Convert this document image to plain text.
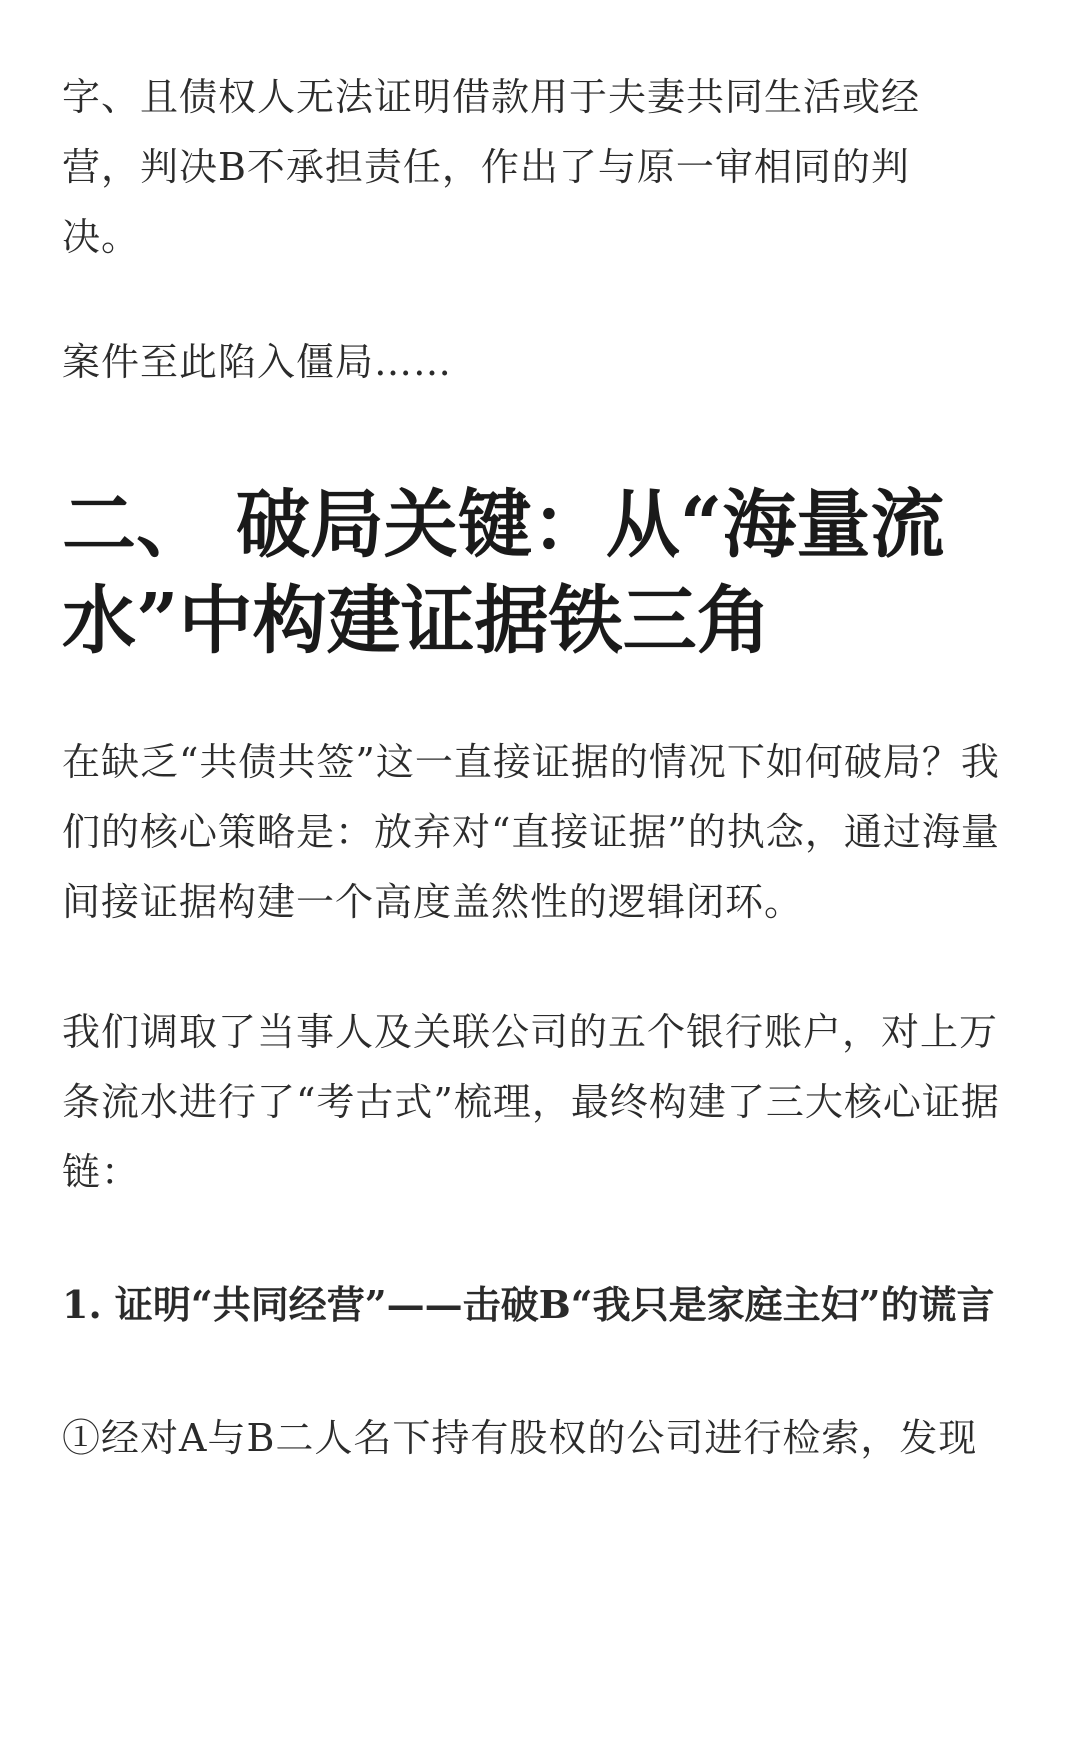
字、且债权人无法证明借款用于夫妻共同生活或经营，判决B不承担责任，作出了与原一审相同的判决。

案件至此陷入僵局……

二、 破局关键：从“海量流水”中构建证据铁三角

在缺乏“共债共签”这一直接证据的情况下如何破局？我们的核心策略是：放弃对“直接证据”的执念，通过海量间接证据构建一个高度盖然性的逻辑闭环。

我们调取了当事人及关联公司的五个银行账户，对上万条流水进行了“考古式”梳理，最终构建了三大核心证据链：

1. 证明“共同经营”——击破B“我只是家庭主妇”的谎言

①经对A与B二人名下持有股权的公司进行检索，发现
